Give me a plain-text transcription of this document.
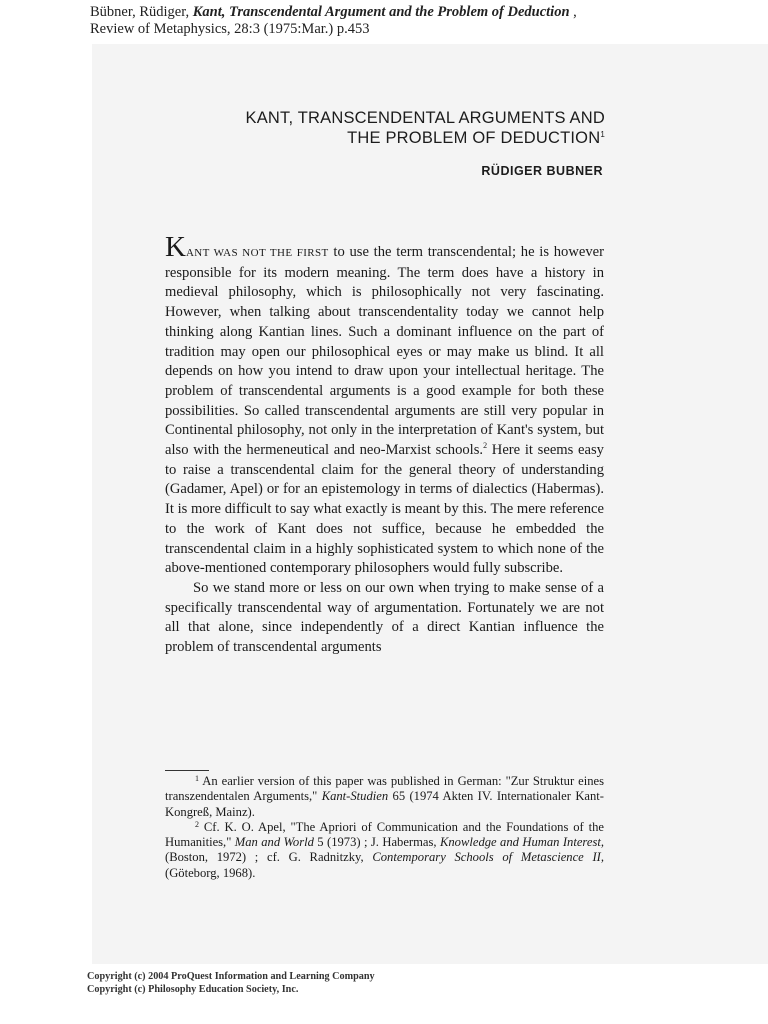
Bübner, Rüdiger, Kant, Transcendental Argument and the Problem of Deduction ,
Review of Metaphysics, 28:3 (1975:Mar.) p.453
KANT, TRANSCENDENTAL ARGUMENTS AND
THE PROBLEM OF DEDUCTION$^1$
RÜDIGER BUBNER

KANT WAS NOT THE FIRST to use the term transcendental; he is however responsible for its modern meaning. The term does have a history in medieval philosophy, which is philosophically not very fascinating. However, when talking about transcendentality today we cannot help thinking along Kantian lines. Such a dominant influence on the part of tradition may open our philosophical eyes or may make us blind. It all depends on how you intend to draw upon your intellectual heritage. The problem of transcendental arguments is a good example for both these possibilities. So called transcendental arguments are still very popular in Continental philosophy, not only in the interpretation of Kant's system, but also with the hermeneutical and neo-Marxist schools.$^2$ Here it seems easy to raise a transcendental claim for the general theory of understanding (Gadamer, Apel) or for an epistemology in terms of dialectics (Habermas). It is more difficult to say what exactly is meant by this. The mere reference to the work of Kant does not suffice, because he embedded the transcendental claim in a highly sophisticated system to which none of the above-mentioned contemporary philosophers would fully subscribe.

So we stand more or less on our own when trying to make sense of a specifically transcendental way of argumentation. Fortunately we are not all that alone, since independently of a direct Kantian influence the problem of transcendental arguments

$^1$ An earlier version of this paper was published in German: "Zur Struktur eines transzendentalen Arguments," Kant-Studien 65 (1974 Akten IV. Internationaler Kant-Kongreß, Mainz).

$^2$ Cf. K. O. Apel, "The Apriori of Communication and the Foundations of the Humanities," Man and World 5 (1973) ; J. Habermas, Knowledge and Human Interest, (Boston, 1972) ; cf. G. Radnitzky, Contemporary Schools of Metascience II, (Göteborg, 1968).

Copyright (c) 2004 ProQuest Information and Learning Company
Copyright (c) Philosophy Education Society, Inc.
